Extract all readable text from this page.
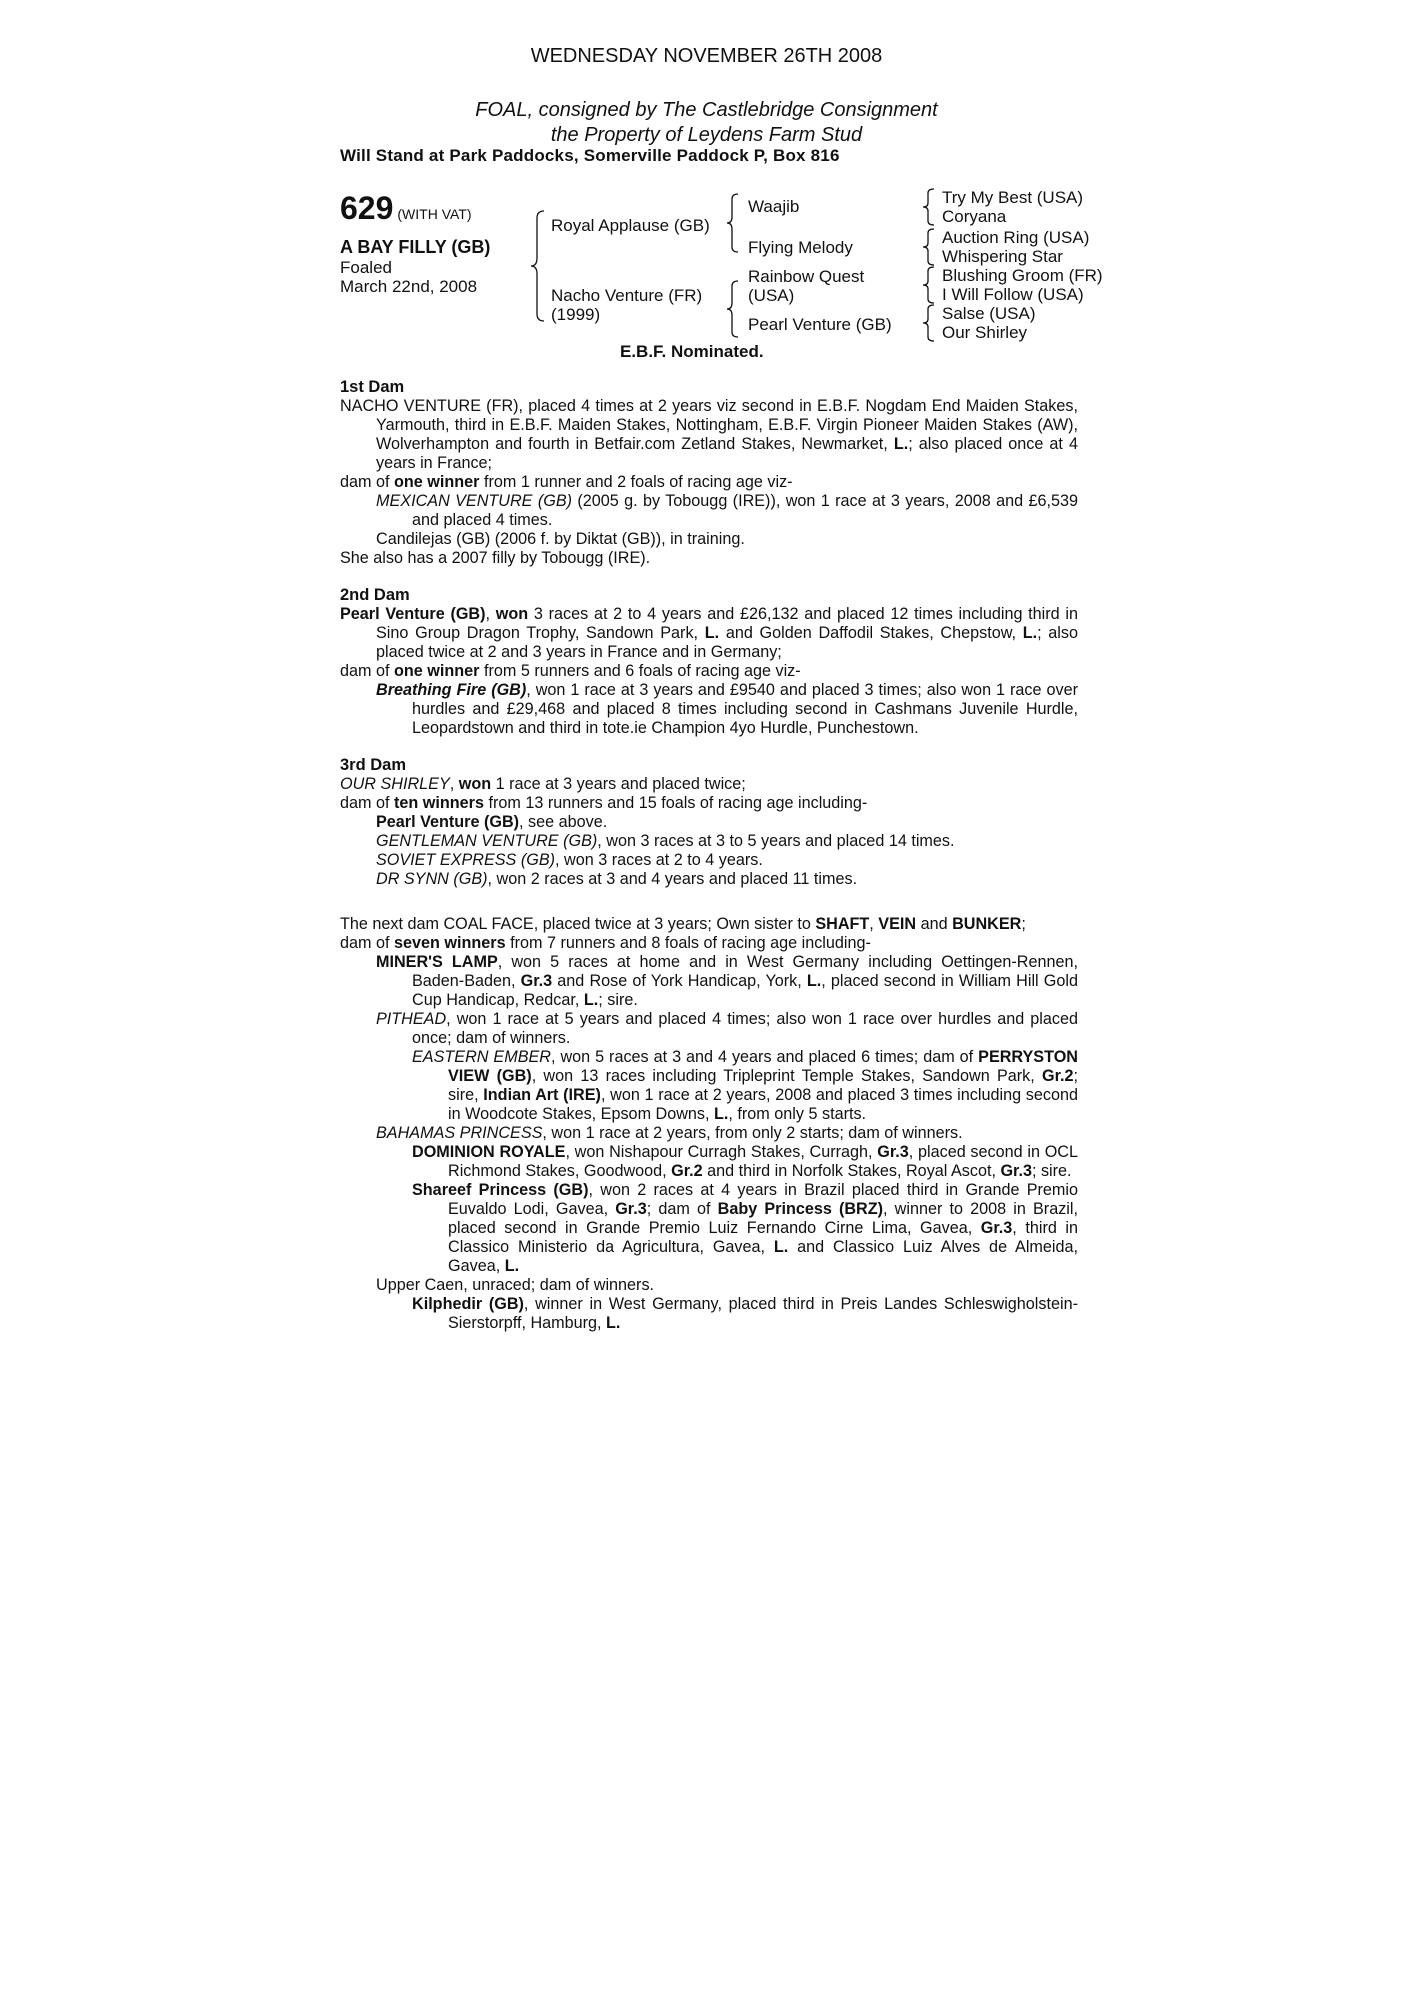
WEDNESDAY NOVEMBER 26TH 2008
FOAL, consigned by The Castlebridge Consignment
the Property of Leydens Farm Stud
Will Stand at Park Paddocks, Somerville Paddock P, Box 816
629 (WITH VAT)
A BAY FILLY (GB)
Foaled
March 22nd, 2008
Royal Applause (GB)
Nacho Venture (FR)
(1999)
Waajib
Flying Melody
Rainbow Quest
(USA)
Pearl Venture (GB)
Try My Best (USA)
Coryana
Auction Ring (USA)
Whispering Star
Blushing Groom (FR)
I Will Follow (USA)
Salse (USA)
Our Shirley
E.B.F. Nominated.
1st Dam
NACHO VENTURE (FR), placed 4 times at 2 years viz second in E.B.F. Nogdam End Maiden Stakes, Yarmouth, third in E.B.F. Maiden Stakes, Nottingham, E.B.F. Virgin Pioneer Maiden Stakes (AW), Wolverhampton and fourth in Betfair.com Zetland Stakes, Newmarket, L.; also placed once at 4 years in France;
dam of one winner from 1 runner and 2 foals of racing age viz-
MEXICAN VENTURE (GB) (2005 g. by Tobougg (IRE)), won 1 race at 3 years, 2008 and £6,539 and placed 4 times.
Candilejas (GB) (2006 f. by Diktat (GB)), in training.
She also has a 2007 filly by Tobougg (IRE).
2nd Dam
Pearl Venture (GB), won 3 races at 2 to 4 years and £26,132 and placed 12 times including third in Sino Group Dragon Trophy, Sandown Park, L. and Golden Daffodil Stakes, Chepstow, L.; also placed twice at 2 and 3 years in France and in Germany;
dam of one winner from 5 runners and 6 foals of racing age viz-
Breathing Fire (GB), won 1 race at 3 years and £9540 and placed 3 times; also won 1 race over hurdles and £29,468 and placed 8 times including second in Cashmans Juvenile Hurdle, Leopardstown and third in tote.ie Champion 4yo Hurdle, Punchestown.
3rd Dam
OUR SHIRLEY, won 1 race at 3 years and placed twice;
dam of ten winners from 13 runners and 15 foals of racing age including-
Pearl Venture (GB), see above.
GENTLEMAN VENTURE (GB), won 3 races at 3 to 5 years and placed 14 times.
SOVIET EXPRESS (GB), won 3 races at 2 to 4 years.
DR SYNN (GB), won 2 races at 3 and 4 years and placed 11 times.
The next dam COAL FACE, placed twice at 3 years; Own sister to SHAFT, VEIN and BUNKER;
dam of seven winners from 7 runners and 8 foals of racing age including-
MINER'S LAMP, won 5 races at home and in West Germany including Oettingen-Rennen, Baden-Baden, Gr.3 and Rose of York Handicap, York, L., placed second in William Hill Gold Cup Handicap, Redcar, L.; sire.
PITHEAD, won 1 race at 5 years and placed 4 times; also won 1 race over hurdles and placed once; dam of winners.
EASTERN EMBER, won 5 races at 3 and 4 years and placed 6 times; dam of PERRYSTON VIEW (GB), won 13 races including Tripleprint Temple Stakes, Sandown Park, Gr.2; sire, Indian Art (IRE), won 1 race at 2 years, 2008 and placed 3 times including second in Woodcote Stakes, Epsom Downs, L., from only 5 starts.
BAHAMAS PRINCESS, won 1 race at 2 years, from only 2 starts; dam of winners.
DOMINION ROYALE, won Nishapour Curragh Stakes, Curragh, Gr.3, placed second in OCL Richmond Stakes, Goodwood, Gr.2 and third in Norfolk Stakes, Royal Ascot, Gr.3; sire.
Shareef Princess (GB), won 2 races at 4 years in Brazil placed third in Grande Premio Euvaldo Lodi, Gavea, Gr.3; dam of Baby Princess (BRZ), winner to 2008 in Brazil, placed second in Grande Premio Luiz Fernando Cirne Lima, Gavea, Gr.3, third in Classico Ministerio da Agricultura, Gavea, L. and Classico Luiz Alves de Almeida, Gavea, L.
Upper Caen, unraced; dam of winners.
Kilphedir (GB), winner in West Germany, placed third in Preis Landes Schleswigholstein-Sierstorpff, Hamburg, L.
